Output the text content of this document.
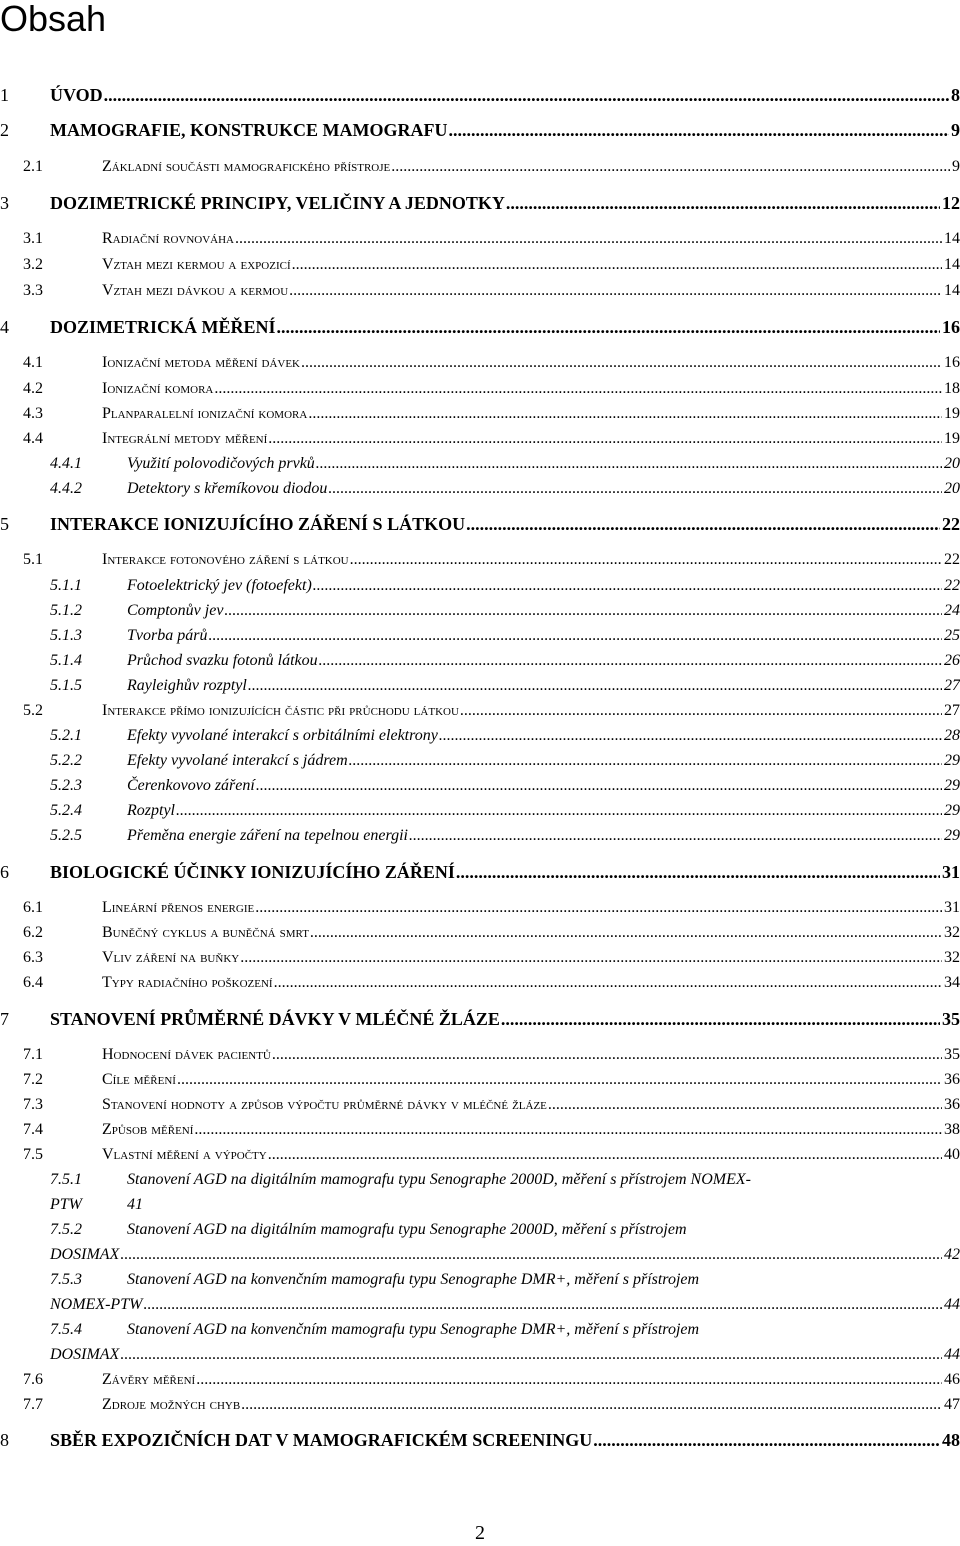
Obsah
1	ÚVOD .....	8
2	MAMOGRAFIE, KONSTRUKCE MAMOGRAFU .....	9
2.1	Základní součásti mamografického přístroje .....	9
3	DOZIMETRICKÉ PRINCIPY, VELIČINY A JEDNOTKY .....	12
3.1	Radiační rovnováha .....	14
3.2	Vztah mezi kermou a expozicí .....	14
3.3	Vztah mezi dávkou a kermou .....	14
4	DOZIMETRICKÁ MĚŘENÍ .....	16
4.1	Ionizační metoda měření dávek .....	16
4.2	Ionizační komora .....	18
4.3	Planparalelní ionizační komora .....	19
4.4	Integrální metody měření .....	19
4.4.1	Využití polovodičových prvků .....	20
4.4.2	Detektory s křemíkovou diodou .....	20
5	INTERAKCE IONIZUJÍCÍHO ZÁŘENÍ S LÁTKOU .....	22
5.1	Interakce fotonového záření s látkou .....	22
5.1.1	Fotoelektrický jev (fotoefekt) .....	22
5.1.2	Comptonův jev .....	24
5.1.3	Tvorba párů .....	25
5.1.4	Průchod svazku fotonů látkou .....	26
5.1.5	Rayleighův rozptyl .....	27
5.2	Interakce přímo ionizujících částic při průchodu látkou .....	27
5.2.1	Efekty vyvolané interakcí s orbitálními elektrony .....	28
5.2.2	Efekty vyvolané interakcí s jádrem .....	29
5.2.3	Čerenkovovo záření .....	29
5.2.4	Rozptyl .....	29
5.2.5	Přeměna energie záření na tepelnou energii .....	29
6	BIOLOGICKÉ ÚČINKY IONIZUJÍCÍHO ZÁŘENÍ .....	31
6.1	Lineární přenos energie .....	31
6.2	Buněčný cyklus a buněčná smrt .....	32
6.3	Vliv záření na buňky .....	32
6.4	Typy radiačního poškození .....	34
7	STANOVENÍ PRŮMĚRNÉ DÁVKY V MLÉČNÉ ŽLÁZE .....	35
7.1	Hodnocení dávek pacientů .....	35
7.2	Cíle měření .....	36
7.3	Stanovení hodnoty a způsob výpočtu průměrné dávky v mléčné žláze .....	36
7.4	Způsob měření .....	38
7.5	Vlastní měření a výpočty .....	40
7.5.1	Stanovení AGD na digitálním mamografu typu Senographe 2000D, měření s přístrojem NOMEX-
PTW	41
7.5.2	Stanovení AGD na digitálním mamografu typu Senographe 2000D, měření s přístrojem
DOSIMAX .....	42
7.5.3	Stanovení AGD na konvenčním mamografu typu Senographe DMR+, měření s přístrojem
NOMEX-PTW .....	44
7.5.4	Stanovení AGD na konvenčním mamografu typu Senographe DMR+, měření s přístrojem
DOSIMAX .....	44
7.6	Závěry měření .....	46
7.7	Zdroje možných chyb .....	47
8	SBĚR EXPOZIČNÍCH DAT V MAMOGRAFICKÉM SCREENINGU .....	48
2
